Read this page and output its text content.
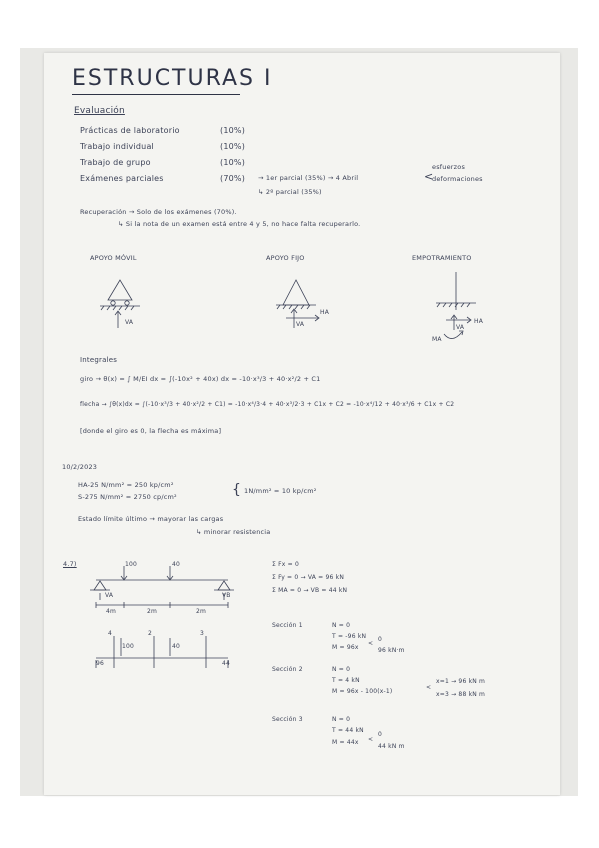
ESTRUCTURAS I
Evaluación
Prácticas de laboratorio	(10%)
Trabajo individual	(10%)
Trabajo de grupo	(10%)
Exámenes parciales	(70%) → 1er parcial (35%) → 4 Abril
↳ 2º parcial (35%)
<
esfuerzos
deformaciones
Recuperación → Solo de los exámenes (70%).
↳ Si la nota de un examen está entre 4 y 5, no hace falta recuperarlo.
APOYO MÓVIL	APOYO FIJO	EMPOTRAMIENTO
VA	VA
HA
HA
VA
MA
Integrales
giro → θ(x) = ∫ M/EI dx = ∫(-10x² + 40x) dx = -10·x³/3 + 40·x²/2 + C1
flecha → ∫θ(x)dx = ∫(-10·x³/3 + 40·x²/2 + C1) = -10·x⁴/3·4 + 40·x³/2·3 + C1x + C2 = -10·x⁴/12 + 40·x³/6 + C1x + C2
[donde el giro es 0, la flecha es máxima]
10/2/2023
HA-25 N/mm² = 250 kp/cm²
S-275 N/mm² = 2750 cp/cm²	{ 1N/mm² = 10 kp/cm²
Estado límite último → mayorar las cargas
↳ minorar resistencia
4.7)	100	40
VA	VB
4m	2m	2m
4	2	3
96
100	40
44
Σ Fx = 0
Σ Fy = 0 → VA = 96 kN
Σ MA = 0 → VB = 44 kN
Sección 1	N = 0
T = -96 kN
M = 96x
<
0
96 kN·m
Sección 2	N = 0
T = 4 kN
M = 96x - 100(x-1)
<
x=1 → 96 kN m
x=3 → 88 kN m
Sección 3	N = 0
T = 44 kN
M = 44x <
0
44 kN m
